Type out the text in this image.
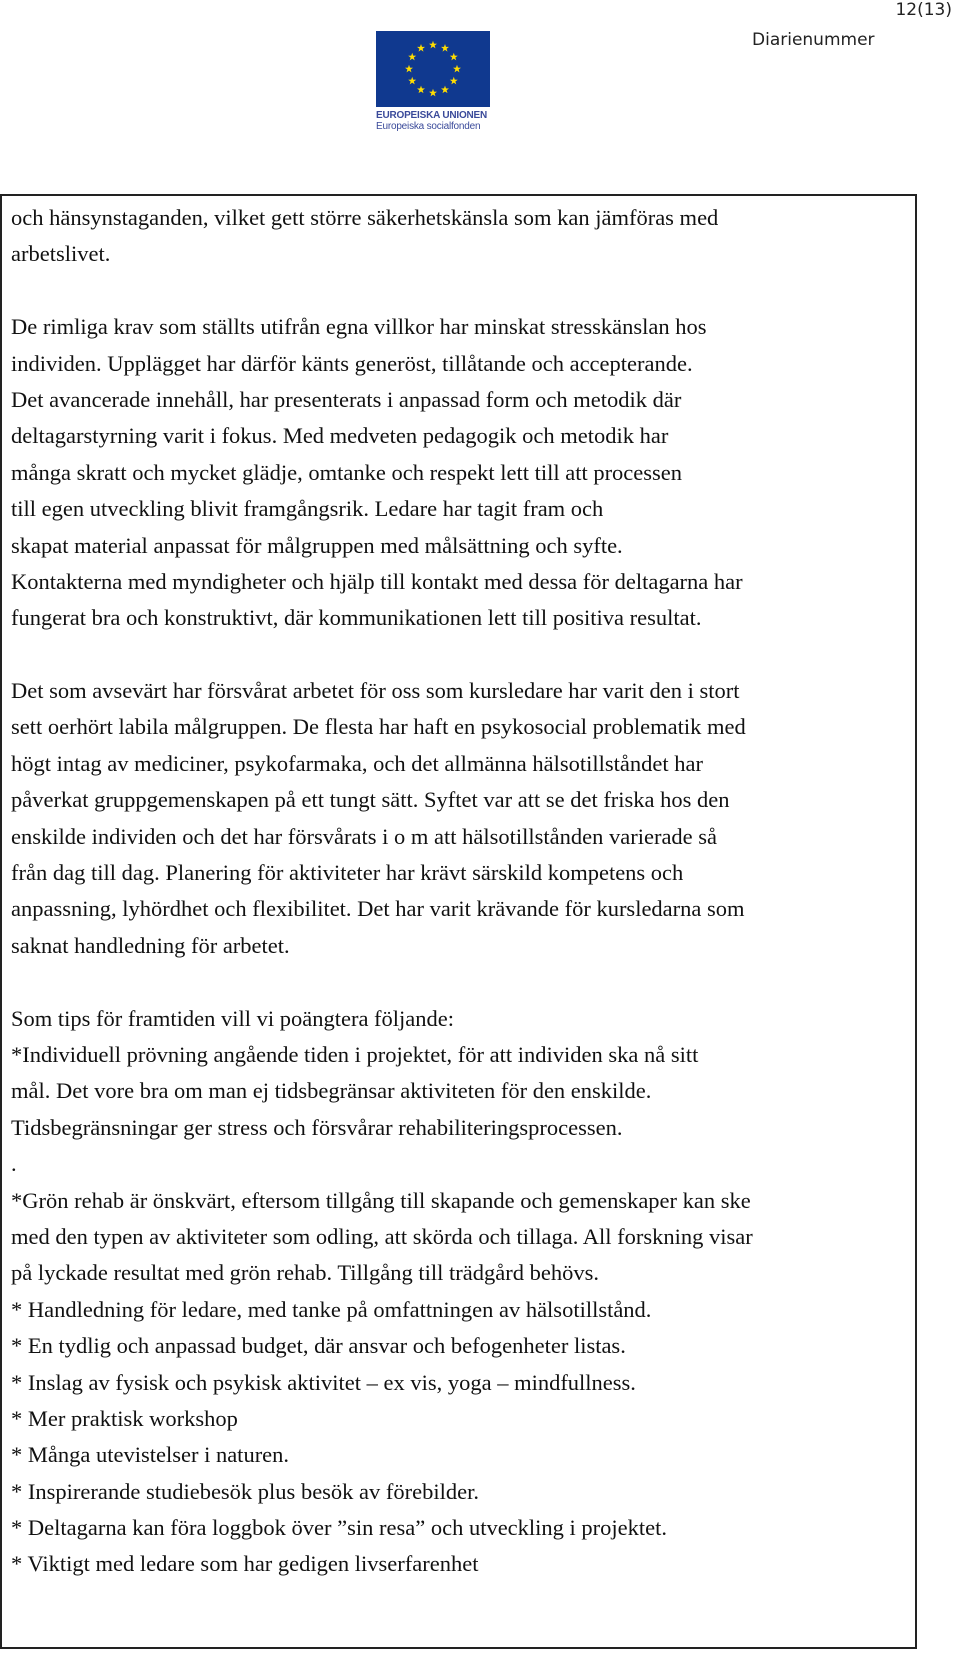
12(13)
Diarienummer
EUROPEISKA UNIONEN
Europeiska socialfonden
och hänsynstaganden, vilket gett större säkerhetskänsla som kan jämföras med
arbetslivet.
De rimliga krav som ställts utifrån egna villkor har minskat stresskänslan hos
individen. Upplägget har därför känts generöst, tillåtande och accepterande.
Det avancerade innehåll, har presenterats i anpassad form och metodik där
deltagarstyrning varit i fokus. Med medveten pedagogik och metodik har
många skratt och mycket glädje, omtanke och respekt lett till att processen
till egen utveckling blivit framgångsrik. Ledare har tagit fram och
skapat material anpassat för målgruppen med målsättning och syfte.
Kontakterna med myndigheter och hjälp till kontakt med dessa för deltagarna har
fungerat bra och konstruktivt, där kommunikationen lett till positiva resultat.
Det som avsevärt har försvårat arbetet för oss som kursledare har varit den i stort
sett oerhört labila målgruppen. De flesta har haft en psykosocial problematik med
högt intag av mediciner, psykofarmaka, och det allmänna hälsotillståndet har
påverkat gruppgemenskapen på ett tungt sätt. Syftet var att se det friska hos den
enskilde individen och det har försvårats i o m att hälsotillstånden varierade så
från dag till dag. Planering för aktiviteter har krävt särskild kompetens och
anpassning, lyhördhet och flexibilitet. Det har varit krävande för kursledarna som
saknat handledning för arbetet.
Som tips för framtiden vill vi poängtera följande:
*Individuell prövning angående tiden i projektet, för att individen ska nå sitt
mål. Det vore bra om man ej tidsbegränsar aktiviteten för den enskilde.
Tidsbegränsningar ger stress och försvårar rehabiliteringsprocessen.
.
*Grön rehab är önskvärt, eftersom tillgång till skapande och gemenskaper kan ske
med den typen av aktiviteter som odling, att skörda och tillaga. All forskning visar
på lyckade resultat med grön rehab. Tillgång till trädgård behövs.
* Handledning för ledare, med tanke på omfattningen av hälsotillstånd.
* En tydlig och anpassad budget, där ansvar och befogenheter listas.
* Inslag av fysisk och psykisk aktivitet – ex vis, yoga – mindfullness.
* Mer praktisk workshop
* Många utevistelser i naturen.
* Inspirerande studiebesök plus besök av förebilder.
* Deltagarna kan föra loggbok över ”sin resa” och utveckling i projektet.
* Viktigt med ledare som har gedigen livserfarenhet
